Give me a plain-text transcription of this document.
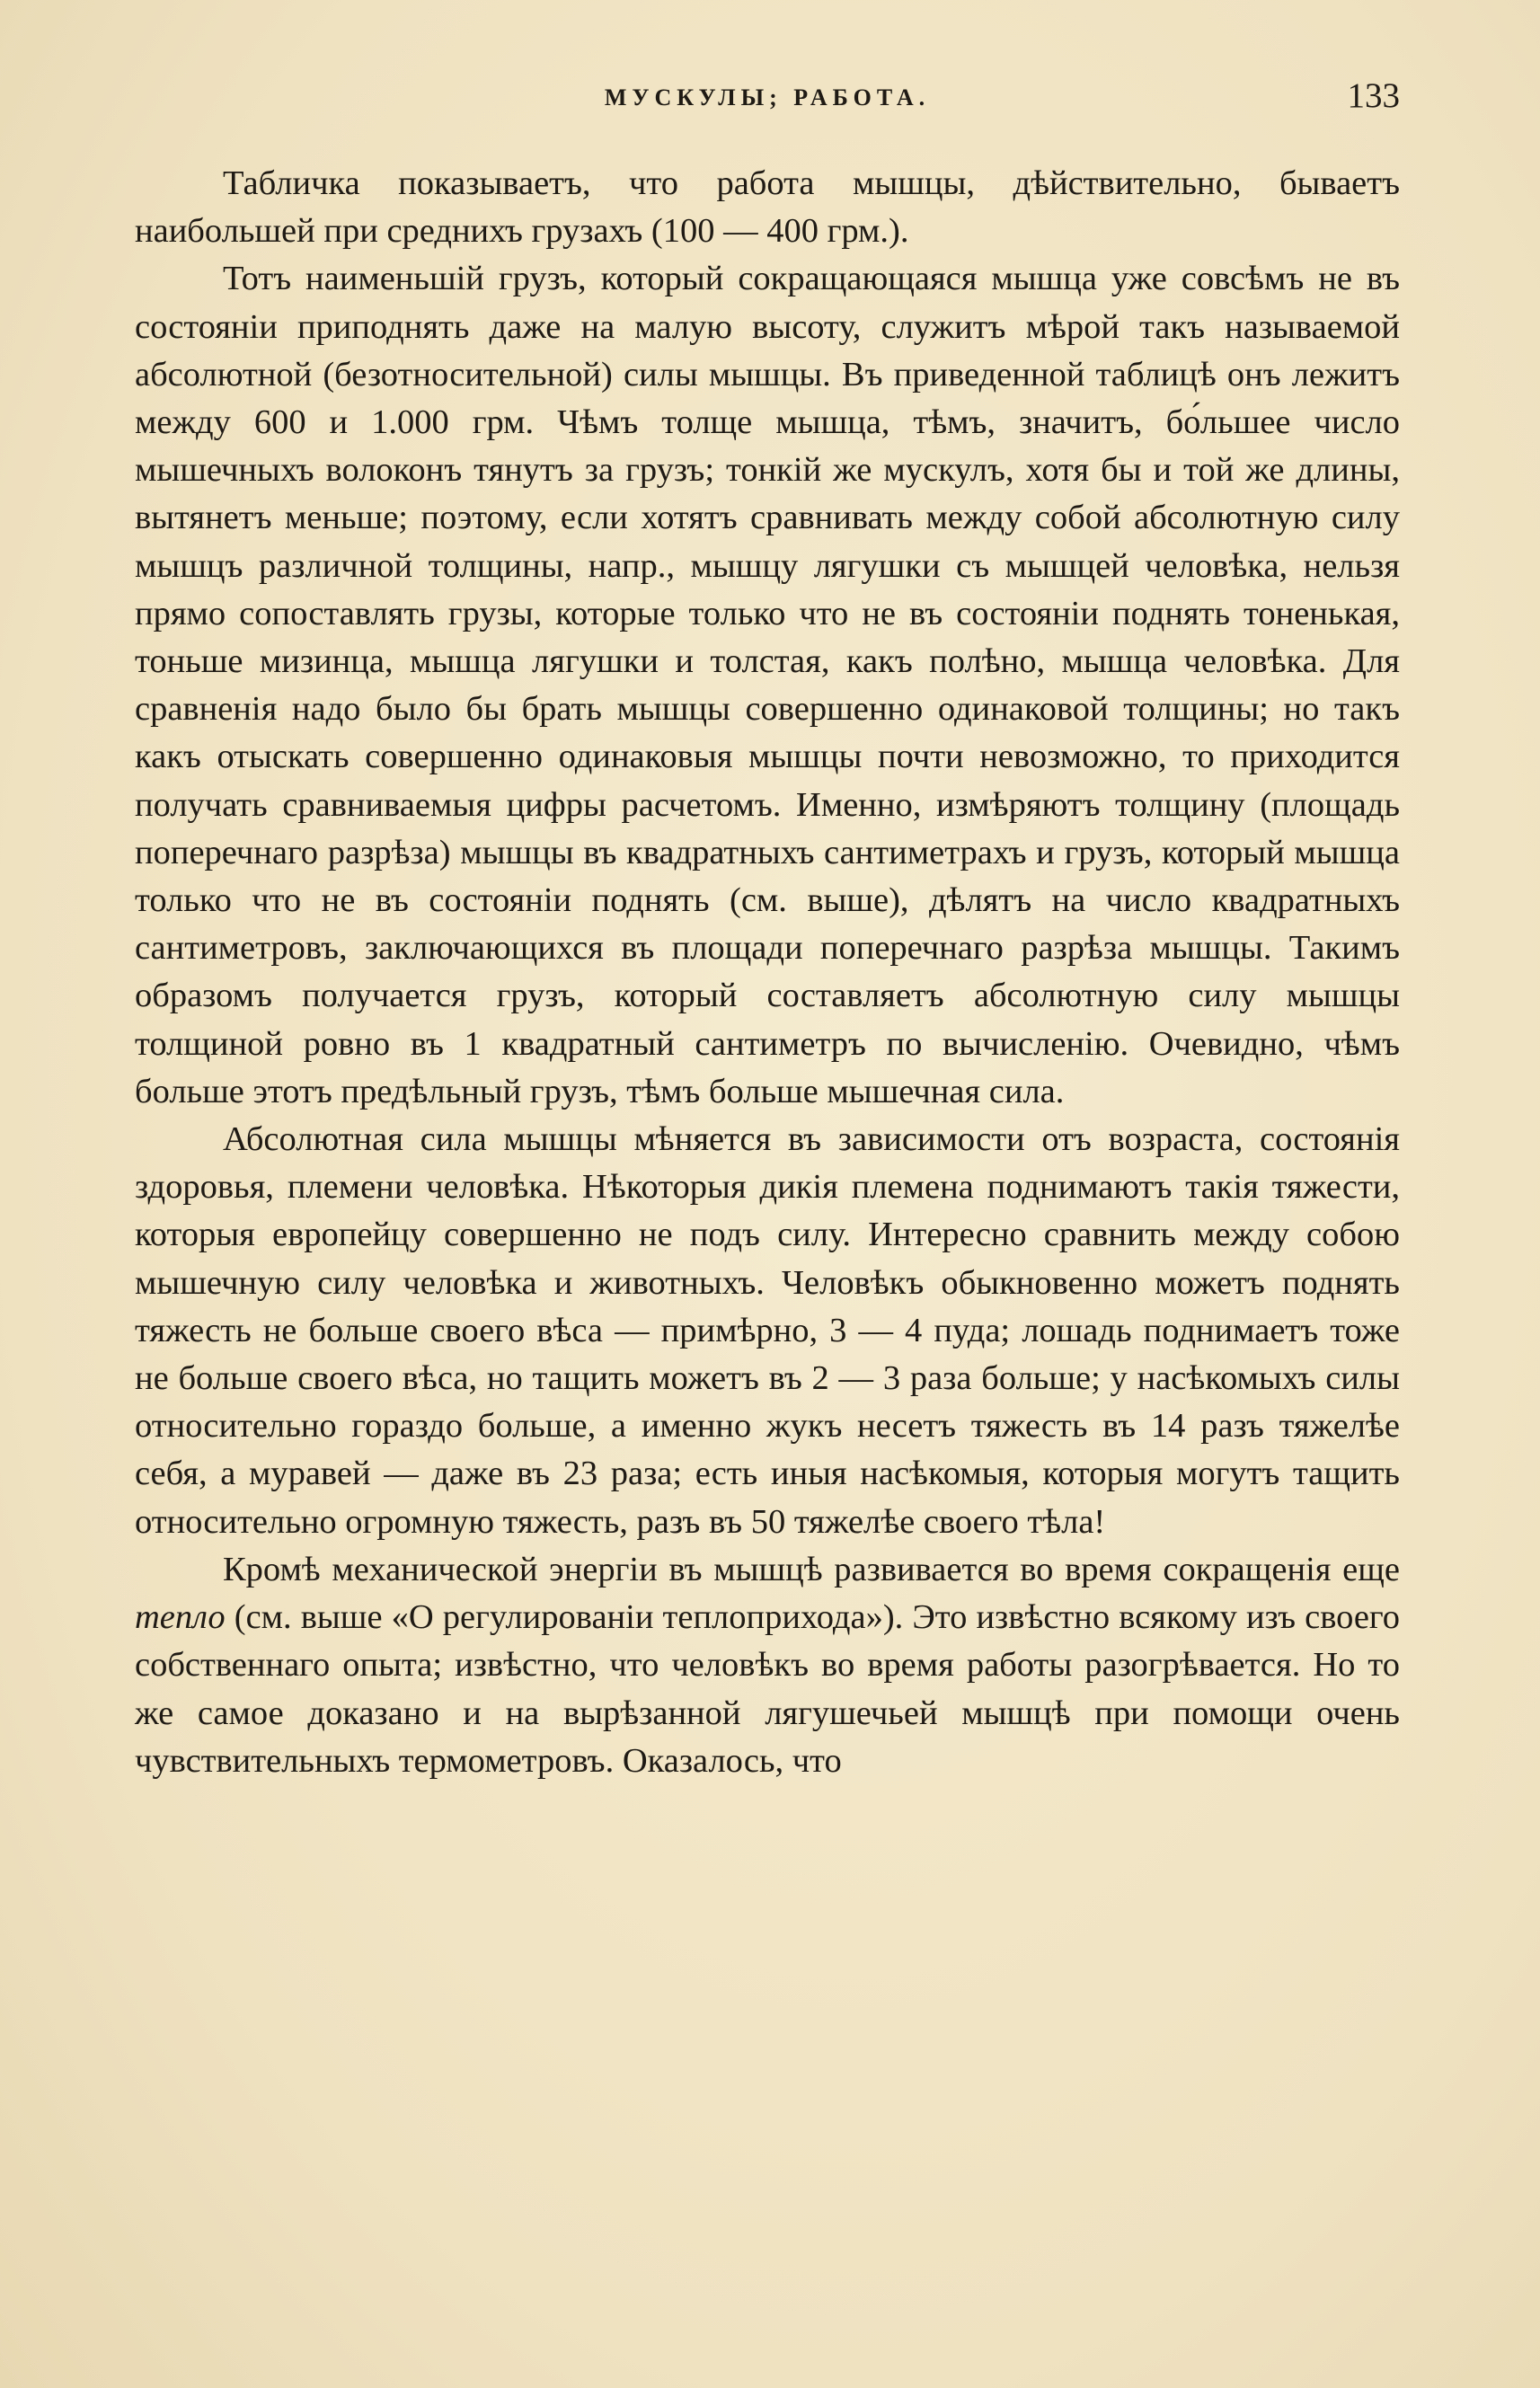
МУСКУЛЫ; РАБОТА.	133

Табличка показываетъ, что работа мышцы, дѣйствительно, бываетъ наибольшей при среднихъ грузахъ (100 — 400 грм.).

Тотъ наименьшій грузъ, который сокращающаяся мышца уже совсѣмъ не въ состояніи приподнять даже на малую высоту, служитъ мѣрой такъ называемой абсолютной (безотносительной) силы мышцы. Въ приведенной таблицѣ онъ лежитъ между 600 и 1.000 грм. Чѣмъ толще мышца, тѣмъ, значитъ, бо́льшее число мышечныхъ волоконъ тянутъ за грузъ; тонкій же мускулъ, хотя бы и той же длины, вытянетъ меньше; поэтому, если хотятъ сравнивать между собой абсолютную силу мышцъ различной толщины, напр., мышцу лягушки съ мышцей человѣка, нельзя прямо сопоставлять грузы, которые только что не въ состояніи поднять тоненькая, тоньше мизинца, мышца лягушки и толстая, какъ полѣно, мышца человѣка. Для сравненія надо было бы брать мышцы совершенно одинаковой толщины; но такъ какъ отыскать совершенно одинаковыя мышцы почти невозможно, то приходится получать сравниваемыя цифры расчетомъ. Именно, измѣряютъ толщину (площадь поперечнаго разрѣза) мышцы въ квадратныхъ сантиметрахъ и грузъ, который мышца только что не въ состояніи поднять (см. выше), дѣлятъ на число квадратныхъ сантиметровъ, заключающихся въ площади поперечнаго разрѣза мышцы. Такимъ образомъ получается грузъ, который составляетъ абсолютную силу мышцы толщиной ровно въ 1 квадратный сантиметръ по вычисленію. Очевидно, чѣмъ больше этотъ предѣльный грузъ, тѣмъ больше мышечная сила.

Абсолютная сила мышцы мѣняется въ зависимости отъ возраста, состоянія здоровья, племени человѣка. Нѣкоторыя дикія племена поднимаютъ такія тяжести, которыя европейцу совершенно не подъ силу. Интересно сравнить между собою мышечную силу человѣка и животныхъ. Человѣкъ обыкновенно можетъ поднять тяжесть не больше своего вѣса — примѣрно, 3 — 4 пуда; лошадь поднимаетъ тоже не больше своего вѣса, но тащить можетъ въ 2 — 3 раза больше; у насѣкомыхъ силы относительно гораздо больше, а именно жукъ несетъ тяжесть въ 14 разъ тяжелѣе себя, а муравей — даже въ 23 раза; есть иныя насѣкомыя, которыя могутъ тащить относительно огромную тяжесть, разъ въ 50 тяжелѣе своего тѣла!

Кромѣ механической энергіи въ мышцѣ развивается во время сокращенія еще тепло (см. выше «О регулированіи теплоприхода»). Это извѣстно всякому изъ своего собственнаго опыта; извѣстно, что человѣкъ во время работы разогрѣвается. Но то же самое доказано и на вырѣзанной лягушечьей мышцѣ при помощи очень чувствительныхъ термометровъ. Оказалось, что
